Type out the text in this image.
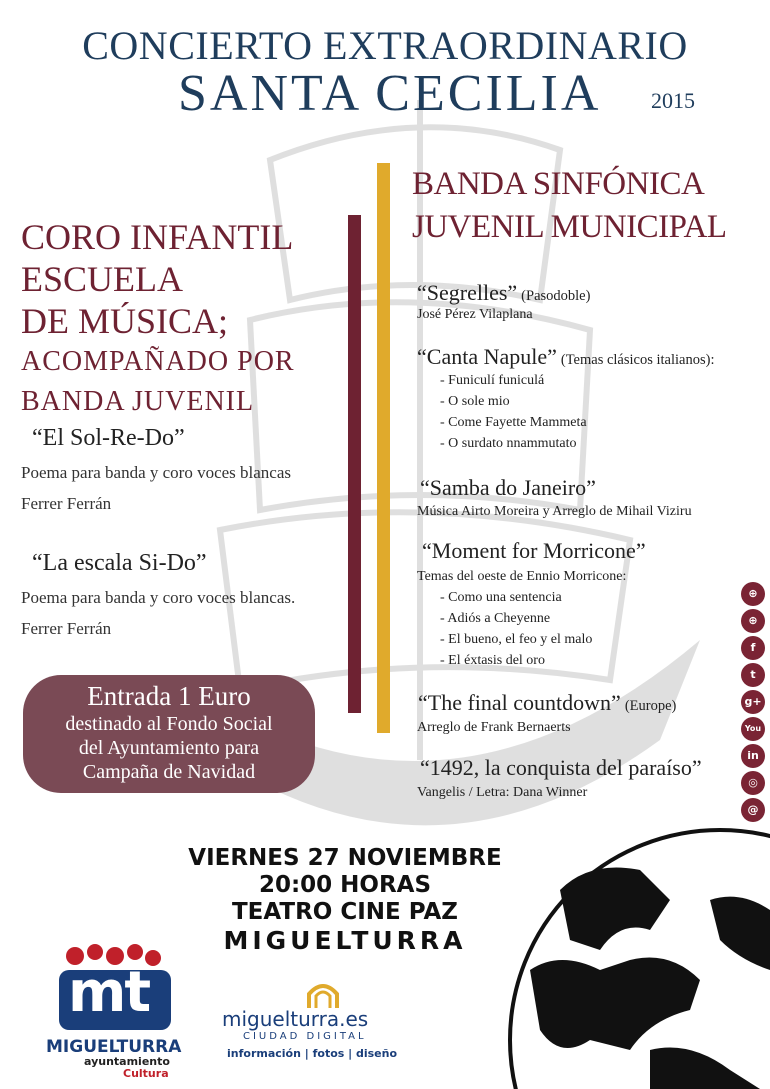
CONCIERTO EXTRAORDINARIO
SANTA CECILIA 2015
CORO INFANTIL
ESCUELA
DE MÚSICA;
ACOMPAÑADO POR
BANDA JUVENIL
“El Sol-Re-Do”
Poema para banda y coro voces blancas
Ferrer Ferrán
“La escala Si-Do”
Poema para banda y coro voces blancas.
Ferrer Ferrán
Entrada 1 Euro
destinado al Fondo Social
del Ayuntamiento para
Campaña de Navidad
BANDA SINFÓNICA
JUVENIL MUNICIPAL
“Segrelles” (Pasodoble)
José Pérez Vilaplana
“Canta Napule” (Temas clásicos italianos):
- Funiculí funiculá
- O sole mio
- Come Fayette Mammeta
- O surdato nnammutato
“Samba do Janeiro”
Música Airto Moreira y Arreglo de Mihail Viziru
“Moment for Morricone”
Temas del oeste de Ennio Morricone:
- Como una sentencia
- Adiós a Cheyenne
- El bueno, el feo y el malo
- El éxtasis del oro
“The final countdown” (Europe)
Arreglo de Frank Bernaerts
“1492, la conquista del paraíso”
Vangelis / Letra: Dana Winner
⊕
⊕
f
t
g+
You
in
◎
@
VIERNES 27 NOVIEMBRE
20:00 HORAS
TEATRO CINE PAZ
MIGUELTURRA
mt
MIGUELTURRA
ayuntamiento
Cultura
miguelturra.es
CIUDAD DIGITAL
información | fotos | diseño
